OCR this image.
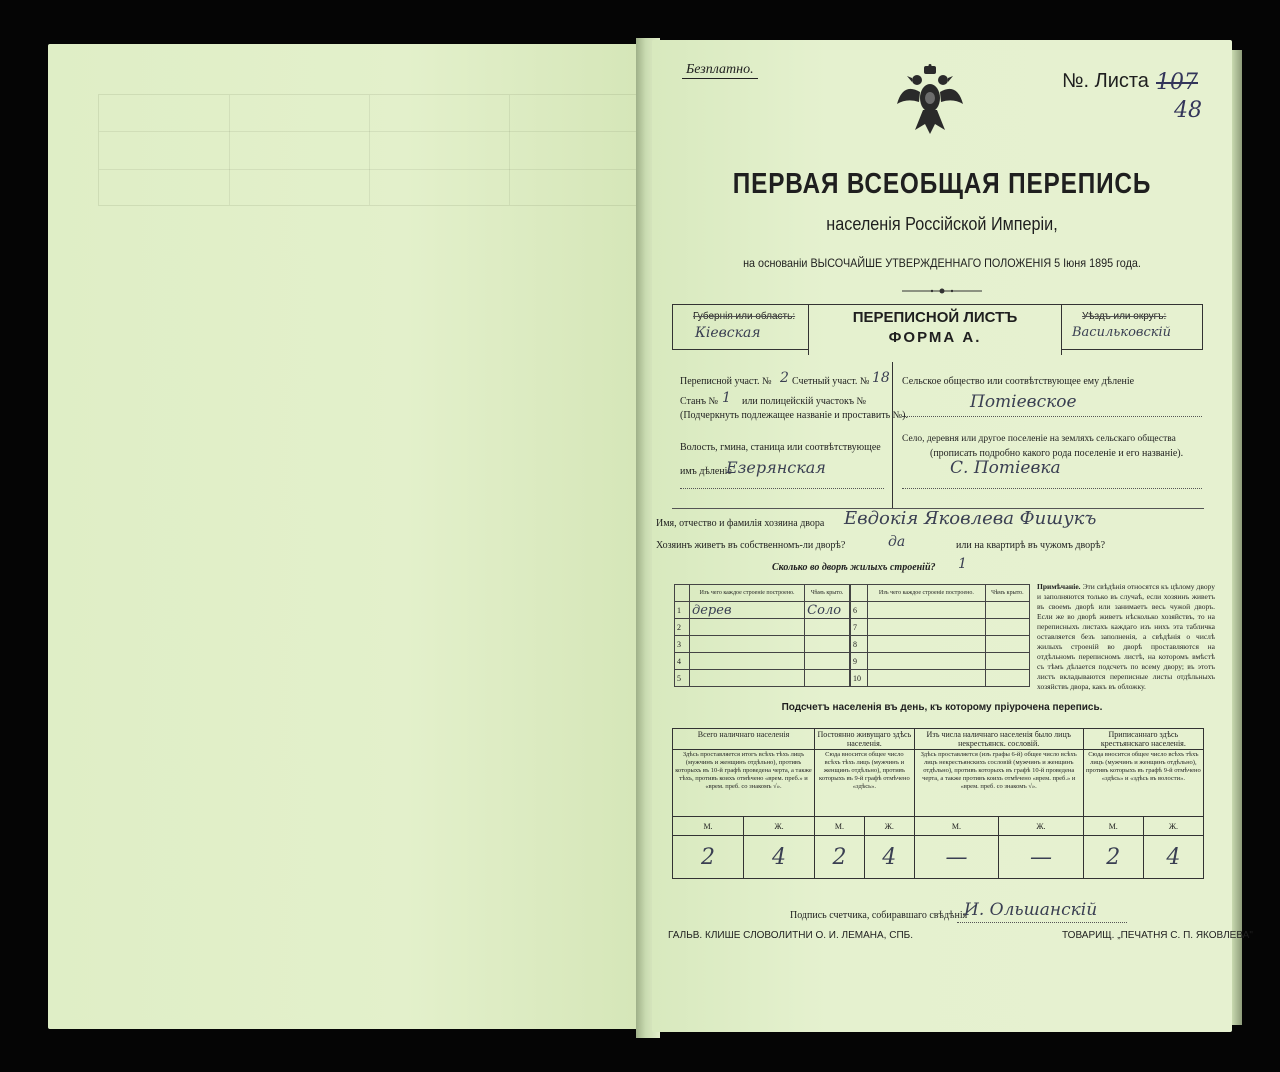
Безплатно.
№. Листа 107
48
ПЕРВАЯ ВСЕОБЩАЯ ПЕРЕПИСЬ
населенія Россійской Имперіи,
на основаніи ВЫСОЧАЙШЕ УТВЕРЖДЕННАГО ПОЛОЖЕНІЯ 5 Іюня 1895 года.
Губернія или область:
Кіевская
ПЕРЕПИСНОЙ ЛИСТЪ
ФОРМА А.
Уѣздъ или округъ:
Васильковскій
Переписной участ. № 2 Счетный участ. № 18
Станъ № 1 или полицейскій участокъ №
(Подчеркнуть подлежащее названіе и проставить №).
Волость, гмина, станица или соотвѣтствующее
имъ дѣленіе
Езерянская
Сельское общество или соотвѣтствующее ему дѣленіе
Потіевское
Село, деревня или другое поселеніе на земляхъ сельскаго общества
(прописать подробно какого рода поселеніе и его названіе).
С. Потіевка
Имя, отчество и фамилія хозяина двора Евдокія Яковлева Фишукъ
Хозяинъ живетъ въ собственномъ-ли дворѣ?	да	или на квартирѣ въ чужомъ дворѣ?
Сколько во дворѣ жилыхъ строеній? 1
	Изъ чего каждое строеніе построено.	Чѣмъ крыто.
1	дерев	Соло
2		
3		
4		
5		
	Изъ чего каждое строеніе построено.	Чѣмъ крыто.
6		
7		
8		
9		
10		
Примѣчаніе. Эти свѣдѣнія относятся къ цѣлому двору и заполняются только въ случаѣ, если хозяинъ живетъ въ своемъ дворѣ или занимаетъ весь чужой дворъ. Если же во дворѣ живетъ нѣсколько хозяйствъ, то на переписныхъ листахъ каждаго изъ нихъ эта табличка оставляется безъ заполненія, а свѣдѣнія о числѣ жилыхъ строеній во дворѣ проставляются на отдѣльномъ переписномъ листѣ, на которомъ вмѣстѣ съ тѣмъ дѣлается подсчетъ по всему двору; въ этотъ листъ вкладываются переписные листы отдѣльныхъ хозяйствъ двора, какъ въ обложку.
Подсчетъ населенія въ день, къ которому пріурочена перепись.
Всего наличнаго населенія		Постоянно живущаго здѣсь населенія.		Изъ числа наличнаго населенія было лицъ некрестьянск. сословій.		Приписаннаго здѣсь крестьянскаго населенія.	
Здѣсь проставляется итогъ всѣхъ тѣхъ лицъ (мужчинъ и женщинъ отдѣльно), противъ которыхъ въ 10-й графѣ проведена черта, а также тѣхъ, противъ коихъ отмѣчено «врем. преб.» и «врем. преб. со знакомъ √».		Сюда вносится общее число всѣхъ тѣхъ лицъ (мужчинъ и женщинъ отдѣльно), противъ которыхъ въ 9-й графѣ отмѣчено «здѣсь».		Здѣсь проставляется (изъ графы 6-й) общее число всѣхъ лицъ некрестьянскихъ сословій (мужчинъ и женщинъ отдѣльно), противъ которыхъ въ графѣ 10-й проведена черта, а также противъ коихъ отмѣчено «врем. преб.» и «врем. преб. со знакомъ √».		Сюда вносится общее число всѣхъ тѣхъ лицъ (мужчинъ и женщинъ отдѣльно), противъ которыхъ въ графѣ 9-й отмѣчено «здѣсь» и «здѣсь въ волости».	
М.	Ж.	М.	Ж.	М.	Ж.	М.	Ж.
2	4	2	4	—	—	2	4
Подпись счетчика, собиравшаго свѣдѣнія
И. Ольшанскій
ГАЛЬВ. КЛИШЕ СЛОВОЛИТНИ О. И. ЛЕМАНА, СПБ.	ТОВАРИЩ. „ПЕЧАТНЯ С. П. ЯКОВЛЕВА"
